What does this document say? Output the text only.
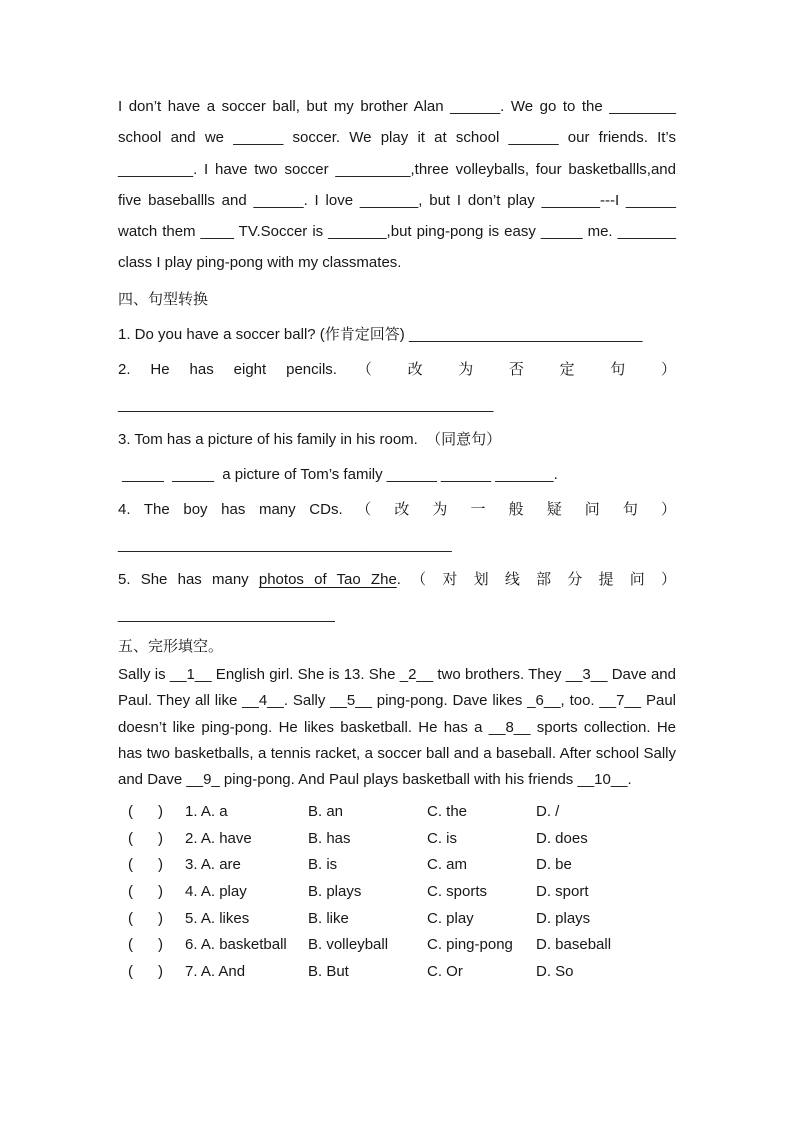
I don’t have a soccer ball, but my brother Alan ______. We go to the ________ school and we ______ soccer. We play it at school ______ our friends. It’s _________. I have two soccer _________,three volleyballs, four basketballls,and five baseballls and ______. I love _______, but I don’t play _______---I ______ watch them ____ TV.Soccer is _______,but ping-pong is easy _____ me. _______ class I play ping-pong with my classmates.

四、句型转换

1. Do you have a soccer ball? (作肯定回答) ____________________________

2. He has eight pencils. （ 改 为 否 定 句 ） _____________________________________________

3. Tom has a picture of his family in his room.  （同意句）

_____  _____  a picture of Tom’s family ______ ______ _______.

4. The boy has many CDs. （ 改 为 一 般 疑 问 句 ） ________________________________________

5. She has many photos of Tao Zhe. （ 对 划 线 部 分 提 问 ） __________________________

五、完形填空。

Sally is __1__ English girl. She is 13. She _2__ two brothers. They __3__ Dave and Paul. They all like __4__. Sally __5__ ping-pong. Dave likes _6__, too. __7__ Paul doesn’t like ping-pong. He likes basketball. He has a __8__ sports collection. He has two basketballs, a tennis racket, a soccer ball and a baseball. After school Sally and Dave __9_ ping-pong. And Paul plays basketball with his friends __10__.

(      )	1. A. a	B. an	C. the	D. /
(      )	2. A. have	B. has	C. is	D. does
(      )	3. A. are	B. is	C. am	D. be
(      )	4. A. play	B. plays	C. sports	D. sport
(      )	5. A. likes	B. like	C. play	D. plays
(      )	6. A. basketball	B. volleyball	C. ping-pong	D. baseball
(      )	7. A. And	B. But	C. Or	D. So
